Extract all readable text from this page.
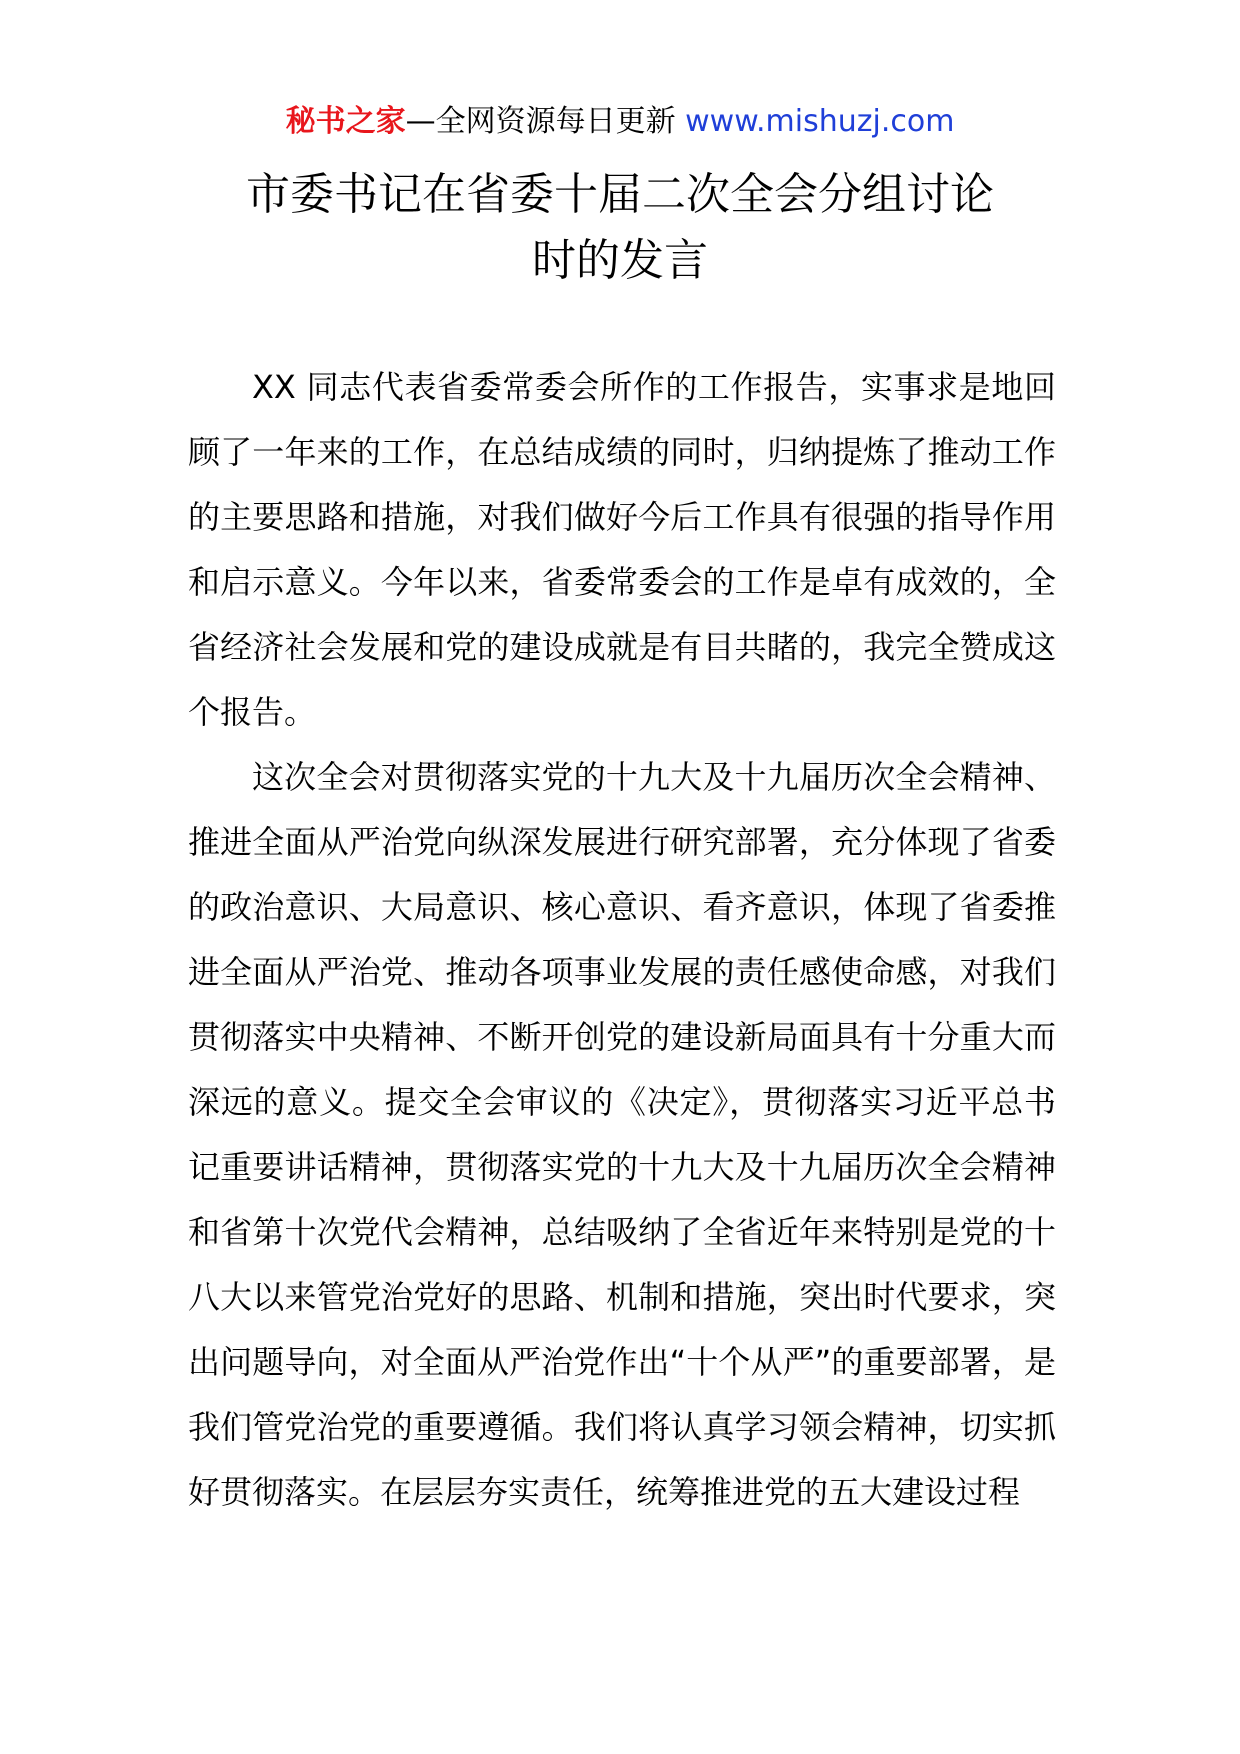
秘书之家—全网资源每日更新 www.mishuzj.com
市委书记在省委十届二次全会分组讨论
时的发言

XX 同志代表省委常委会所作的工作报告，实事求是地回顾了一年来的工作，在总结成绩的同时，归纳提炼了推动工作的主要思路和措施，对我们做好今后工作具有很强的指导作用和启示意义。今年以来，省委常委会的工作是卓有成效的，全省经济社会发展和党的建设成就是有目共睹的，我完全赞成这个报告。

这次全会对贯彻落实党的十九大及十九届历次全会精神、推进全面从严治党向纵深发展进行研究部署，充分体现了省委的政治意识、大局意识、核心意识、看齐意识，体现了省委推进全面从严治党、推动各项事业发展的责任感使命感，对我们贯彻落实中央精神、不断开创党的建设新局面具有十分重大而深远的意义。提交全会审议的《决定》，贯彻落实习近平总书记重要讲话精神，贯彻落实党的十九大及十九届历次全会精神和省第十次党代会精神，总结吸纳了全省近年来特别是党的十八大以来管党治党好的思路、机制和措施，突出时代要求，突出问题导向，对全面从严治党作出“十个从严”的重要部署，是我们管党治党的重要遵循。我们将认真学习领会精神，切实抓好贯彻落实。在层层夯实责任，统筹推进党的五大建设过程
